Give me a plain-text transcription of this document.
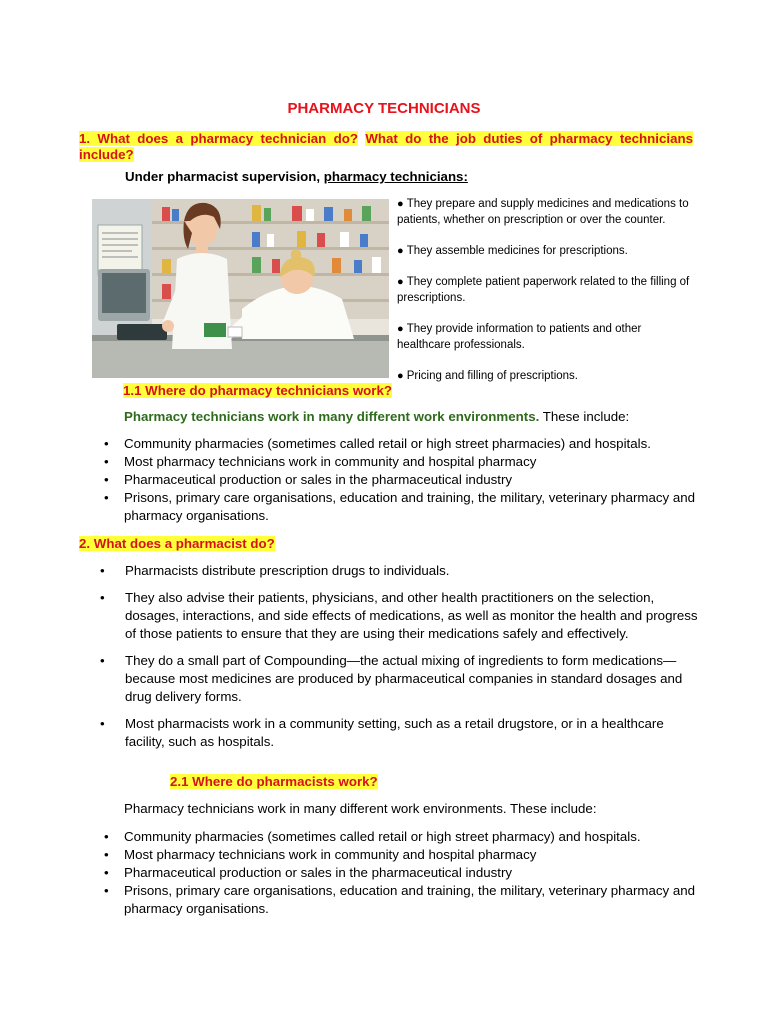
PHARMACY TECHNICIANS
1. What does a pharmacy technician do? What do the job duties of pharmacy technicians include?
Under pharmacist supervision, pharmacy technicians:
● They prepare and supply medicines and medications to patients, whether on prescription or over the counter.
● They assemble medicines for prescriptions.
● They complete patient paperwork related to the filling of prescriptions.
● They provide information to patients and other healthcare professionals.
● Pricing and filling of prescriptions.
1.1 Where do pharmacy technicians work?
Pharmacy technicians work in many different work environments. These include:
• Community pharmacies (sometimes called retail or high street pharmacies) and hospitals.
• Most pharmacy technicians work in community and hospital pharmacy
• Pharmaceutical production or sales in the pharmaceutical industry
• Prisons, primary care organisations, education and training, the military, veterinary pharmacy and pharmacy organisations.
2. What does a pharmacist do?
• Pharmacists distribute prescription drugs to individuals.
• They also advise their patients, physicians, and other health practitioners on the selection, dosages, interactions, and side effects of medications, as well as monitor the health and progress of those patients to ensure that they are using their medications safely and effectively.
• They do a small part of Compounding—the actual mixing of ingredients to form medications—because most medicines are produced by pharmaceutical companies in standard dosages and drug delivery forms.
• Most pharmacists work in a community setting, such as a retail drugstore, or in a healthcare facility, such as hospitals.
2.1 Where do pharmacists work?
Pharmacy technicians work in many different work environments. These include:
• Community pharmacies (sometimes called retail or high street pharmacy) and hospitals.
• Most pharmacy technicians work in community and hospital pharmacy
• Pharmaceutical production or sales in the pharmaceutical industry
• Prisons, primary care organisations, education and training, the military, veterinary pharmacy and pharmacy organisations.
